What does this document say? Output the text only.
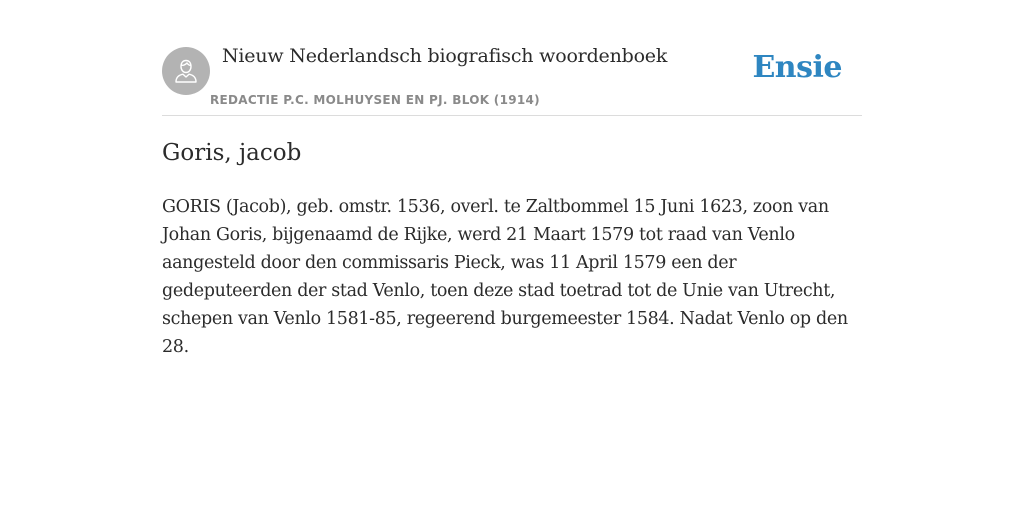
Nieuw Nederlandsch biografisch woordenboek
REDACTIE P.C. MOLHUYSEN EN PJ. BLOK (1914)
Ensie
Goris, jacob

GORIS (Jacob), geb. omstr. 1536, overl. te Zaltbommel 15 Juni 1623, zoon van Johan Goris, bijgenaamd de Rijke, werd 21 Maart 1579 tot raad van Venlo aangesteld door den commissaris Pieck, was 11 April 1579 een der gedeputeerden der stad Venlo, toen deze stad toetrad tot de Unie van Utrecht, schepen van Venlo 1581-85, regeerend burgemeester 1584. Nadat Venlo op den 28.
